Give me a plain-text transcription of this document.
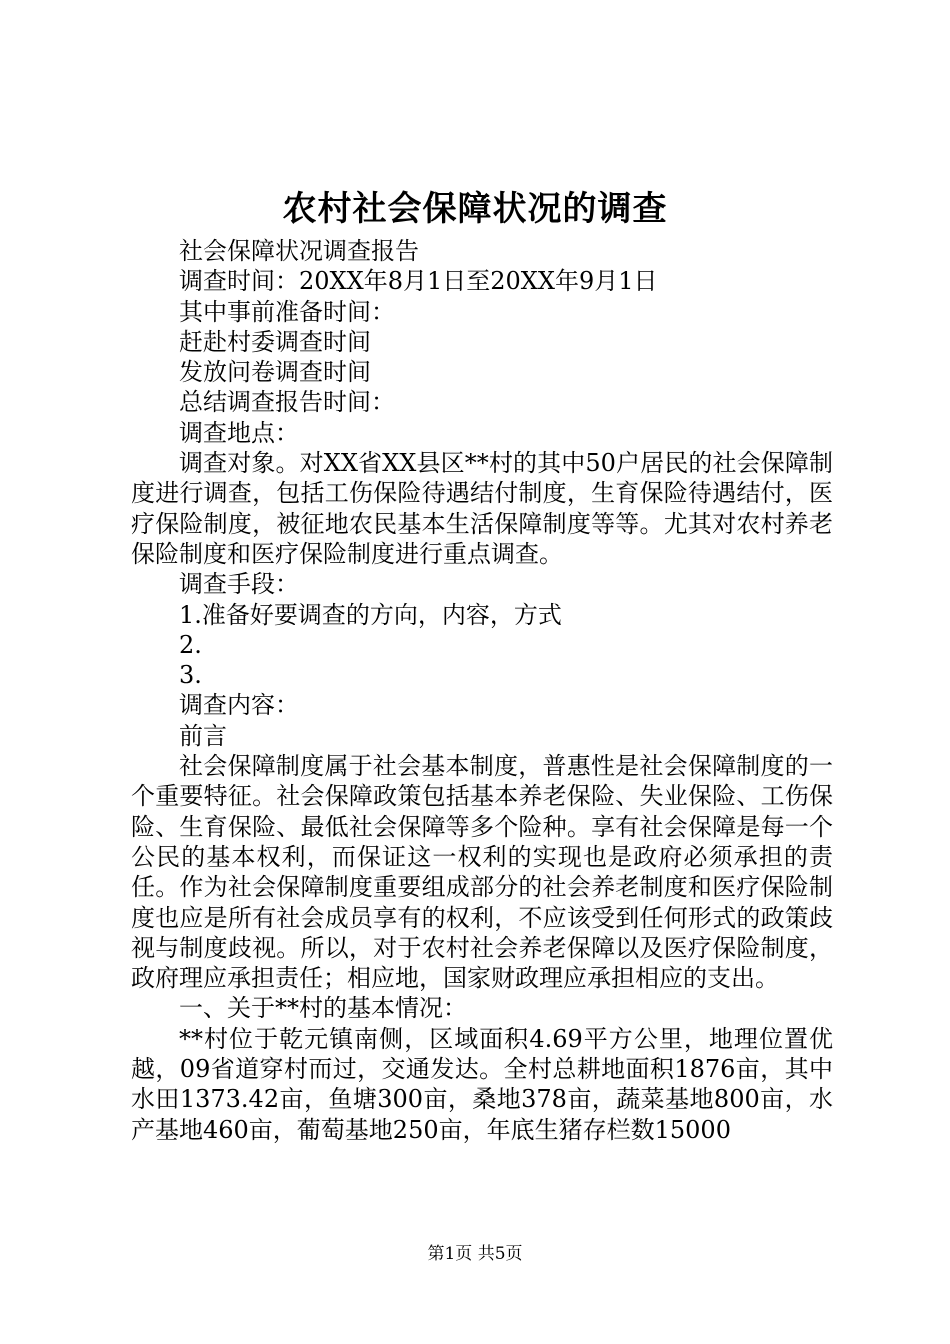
农村社会保障状况的调查

社会保障状况调查报告

调查时间：20XX年8月1日至20XX年9月1日

其中事前准备时间：

赶赴村委调查时间

发放问卷调查时间

总结调查报告时间：

调查地点：

调查对象。对XX省XX县区**村的其中50户居民的社会保障制度进行调查，包括工伤保险待遇结付制度，生育保险待遇结付，医疗保险制度，被征地农民基本生活保障制度等等。尤其对农村养老保险制度和医疗保险制度进行重点调查。

调查手段：

1.准备好要调查的方向，内容，方式

2.

3.

调查内容：

前言

社会保障制度属于社会基本制度，普惠性是社会保障制度的一个重要特征。社会保障政策包括基本养老保险、失业保险、工伤保险、生育保险、最低社会保障等多个险种。享有社会保障是每一个公民的基本权利，而保证这一权利的实现也是政府必须承担的责任。作为社会保障制度重要组成部分的社会养老制度和医疗保险制度也应是所有社会成员享有的权利，不应该受到任何形式的政策歧视与制度歧视。所以，对于农村社会养老保障以及医疗保险制度，政府理应承担责任；相应地，国家财政理应承担相应的支出。

一、关于**村的基本情况：

**村位于乾元镇南侧，区域面积4.69平方公里，地理位置优越，09省道穿村而过，交通发达。全村总耕地面积1876亩，其中水田1373.42亩，鱼塘300亩，桑地378亩，蔬菜基地800亩，水产基地460亩，葡萄基地250亩，年底生猪存栏数15000

第1页 共5页
